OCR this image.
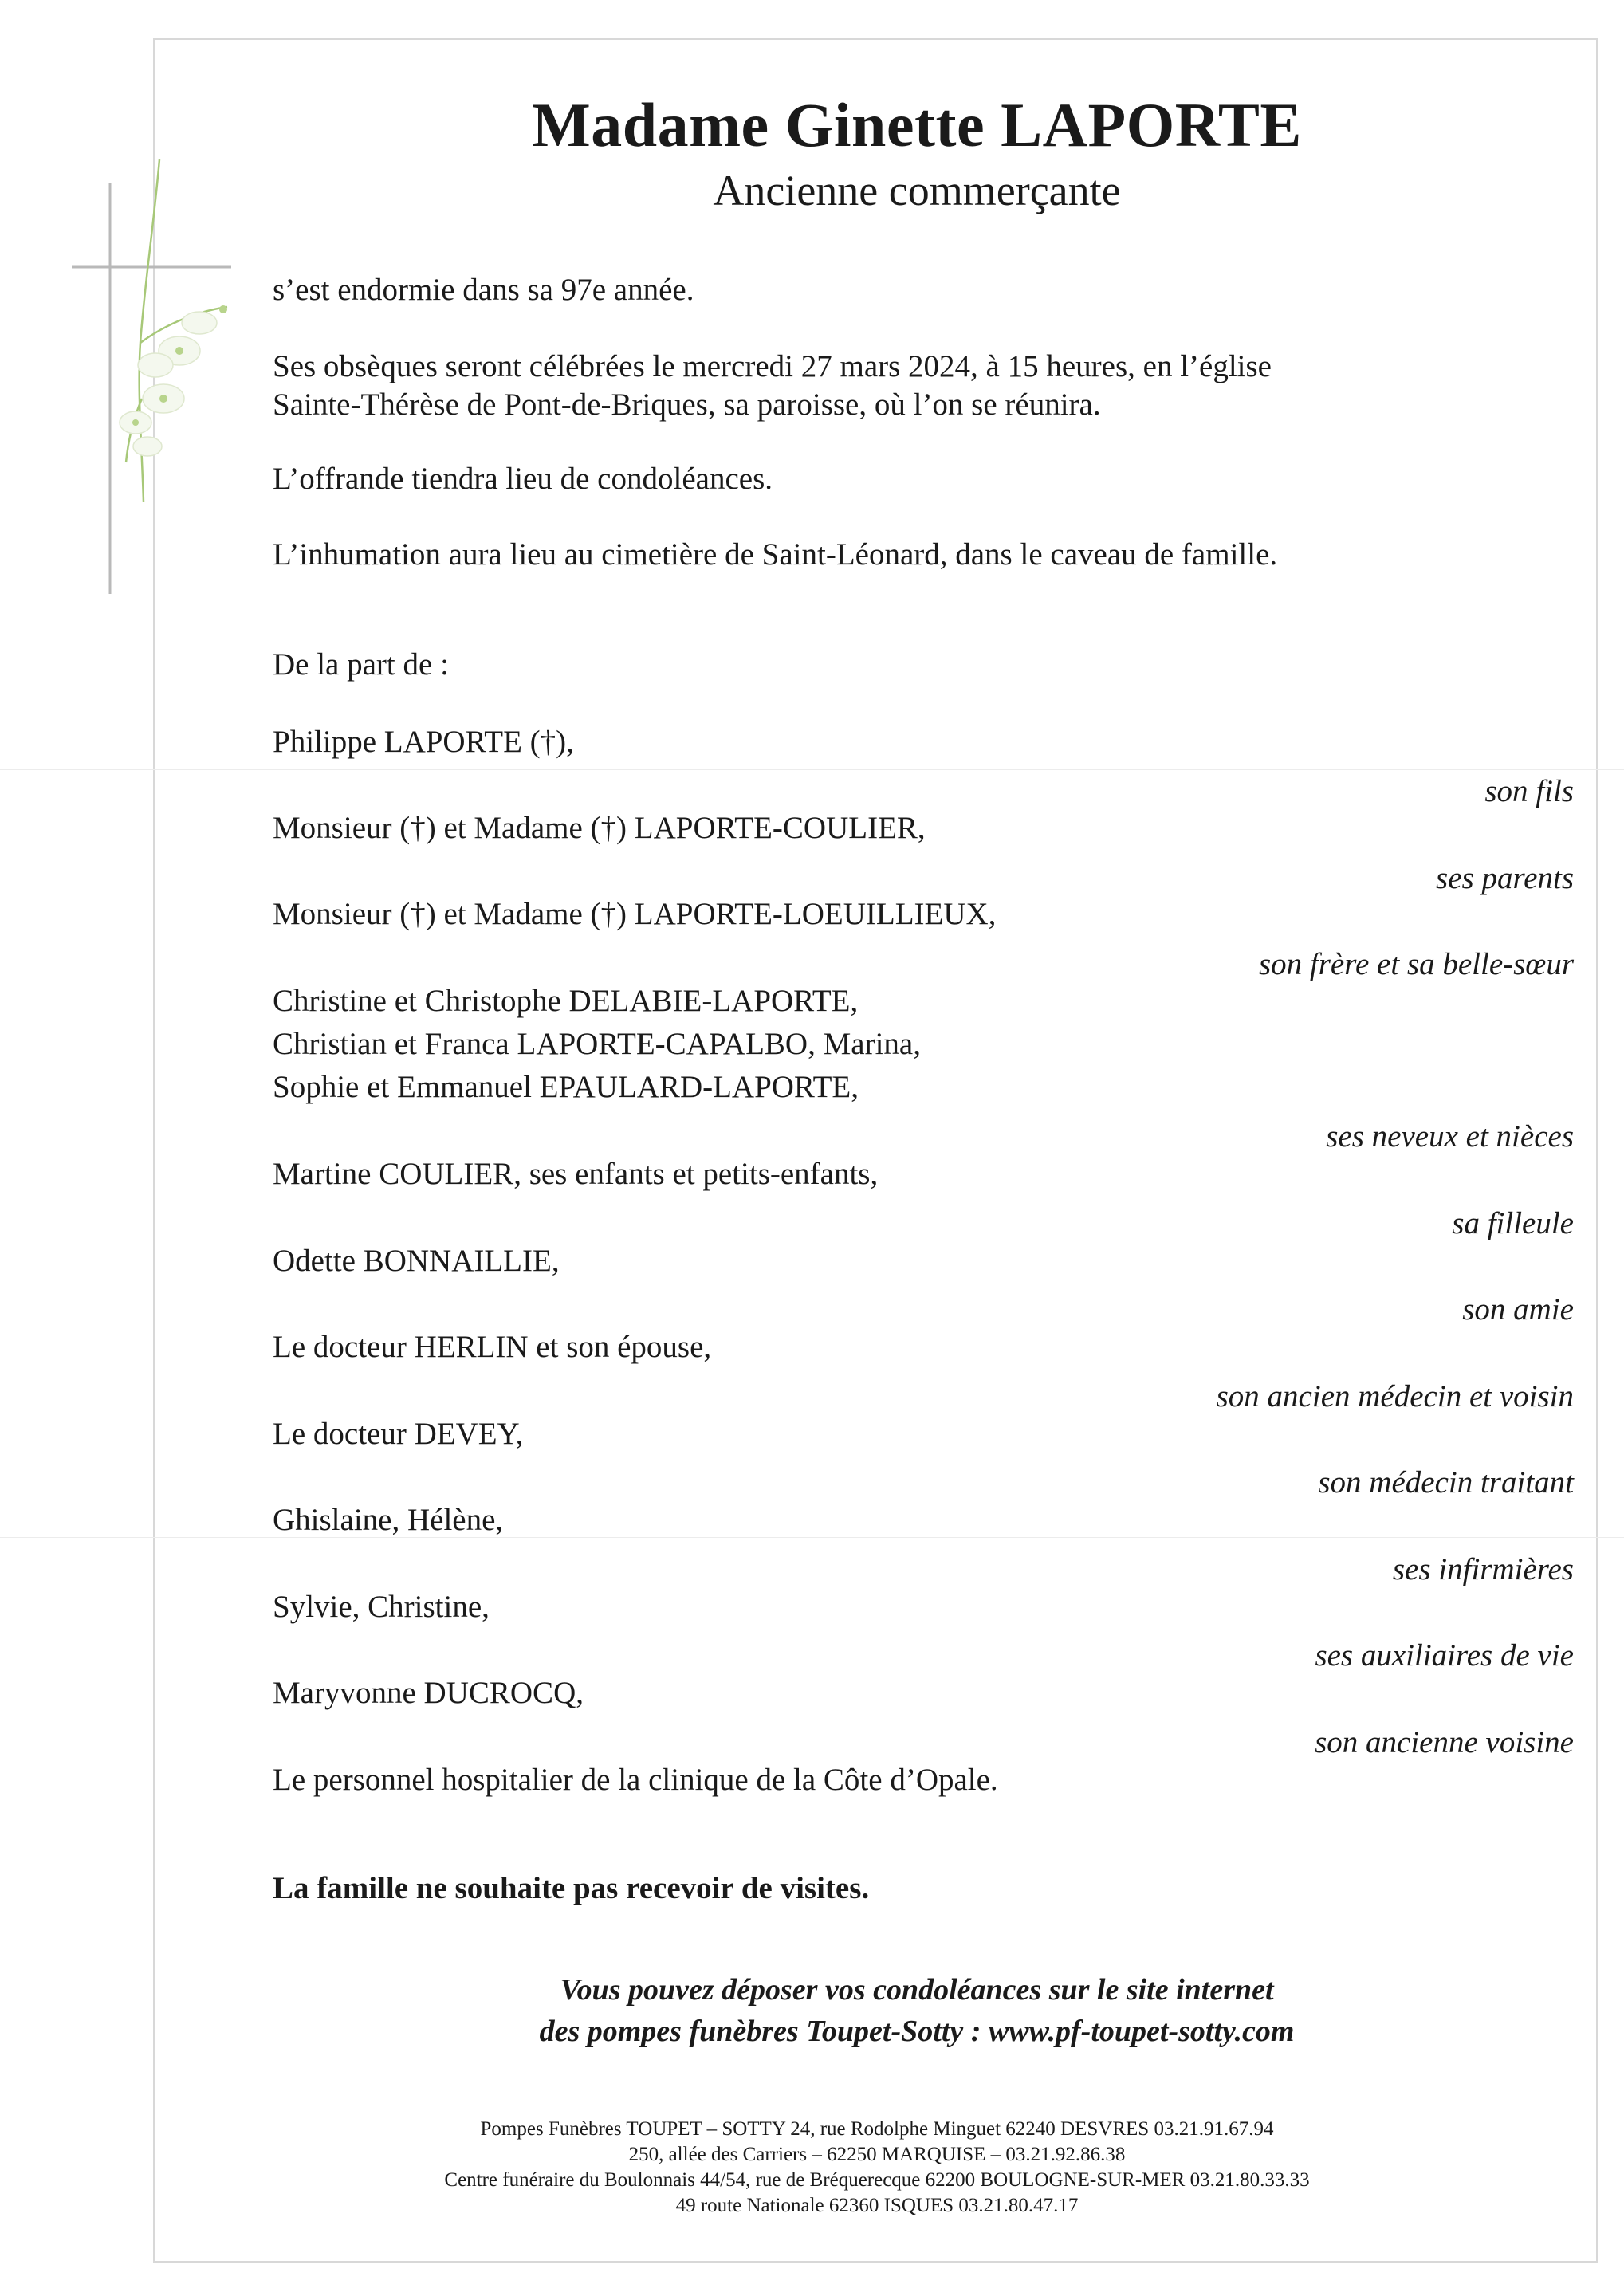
Madame Ginette LAPORTE
Ancienne commerçante
s’est endormie dans sa 97e année.
Ses obsèques seront célébrées le mercredi 27 mars 2024, à 15 heures, en l’église
Sainte-Thérèse de Pont-de-Briques, sa paroisse, où l’on se réunira.
L’offrande tiendra lieu de condoléances.
L’inhumation aura lieu au cimetière de Saint-Léonard, dans le caveau de famille.
De la part de :
Philippe LAPORTE (†),
son fils
Monsieur (†) et Madame (†) LAPORTE-COULIER,
ses parents
Monsieur (†) et Madame (†) LAPORTE-LOEUILLIEUX,
son frère et sa belle-sœur
Christine et Christophe DELABIE-LAPORTE,
Christian et Franca LAPORTE-CAPALBO, Marina,
Sophie et Emmanuel EPAULARD-LAPORTE,
ses neveux et nièces
Martine COULIER, ses enfants et petits-enfants,
sa filleule
Odette BONNAILLIE,
son amie
Le docteur HERLIN et son épouse,
son ancien médecin et voisin
Le docteur DEVEY,
son médecin traitant
Ghislaine, Hélène,
ses infirmières
Sylvie, Christine,
ses auxiliaires de vie
Maryvonne DUCROCQ,
son ancienne voisine
Le personnel hospitalier de la clinique de la Côte d’Opale.
La famille ne souhaite pas recevoir de visites.
Vous pouvez déposer vos condoléances sur le site internet
des pompes funèbres Toupet-Sotty : www.pf-toupet-sotty.com
Pompes Funèbres TOUPET – SOTTY 24, rue Rodolphe Minguet 62240 DESVRES 03.21.91.67.94
250, allée des Carriers – 62250 MARQUISE – 03.21.92.86.38
Centre funéraire du Boulonnais 44/54, rue de Bréquerecque 62200 BOULOGNE-SUR-MER 03.21.80.33.33
49 route Nationale 62360 ISQUES 03.21.80.47.17
